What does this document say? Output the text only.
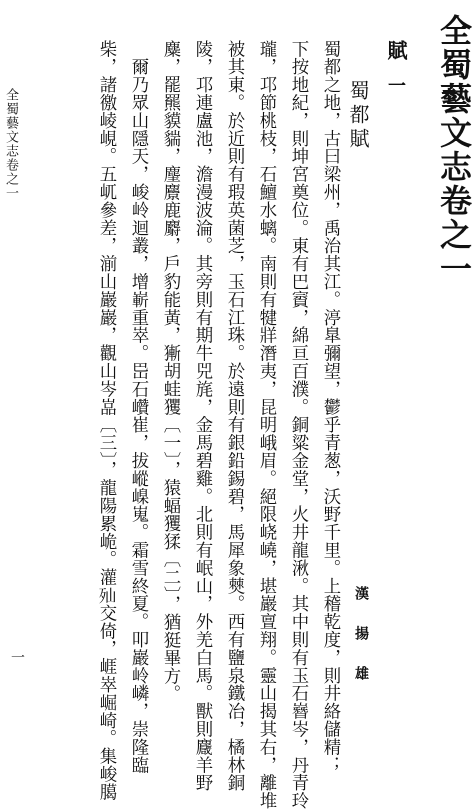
全蜀藝文志卷之一
賦
一
蜀都賦
漢揚雄
蜀都之地，古曰梁州，禹治其江。渟臯彌望，鬱乎青葱，沃野千里。上稽乾度，則井絡儲精；
下按地紀，則坤宮奠位。東有巴賨，綿亘百濮。銅粱金堂，火井龍湫。其中則有玉石嶜岑，丹青玲
瓏，邛節桃枝，石鱣水螭。南則有犍牂潛夷，昆明峨眉。絕限峣嶢，堪巖亶翔。靈山揭其右，離堆
被其東。於近則有瑕英菌芝，玉石江珠。於遠則有銀鉛錫碧，馬犀象僰。西有鹽泉鐵冶，橘林銅
陵，邛連盧池，澹漫波淪。其旁則有期牛兕旄，金馬碧雞。北則有岷山，外羌白馬。獸則麙羊野
麋，罷羆貘貒，麈麖鹿麝，戶豹能黃，獑胡蛙玃〔一〕，猿蝠玃猱〔二〕，猶㹶畢方。
　爾乃眾山隱天，峻岭迴叢，增嶄重崒。岊石巑崔，拔嵷嵲嵬。霜雪終夏。叩巖岭嶙，崇隆臨
柴，諸徼崚峴。五屼參差，湔山巖巖，觀山岑嵓〔三〕，龍陽累峗。灌𣧈交倚，崕崒崛崎。集峻臈
全蜀藝文志卷之一
一
